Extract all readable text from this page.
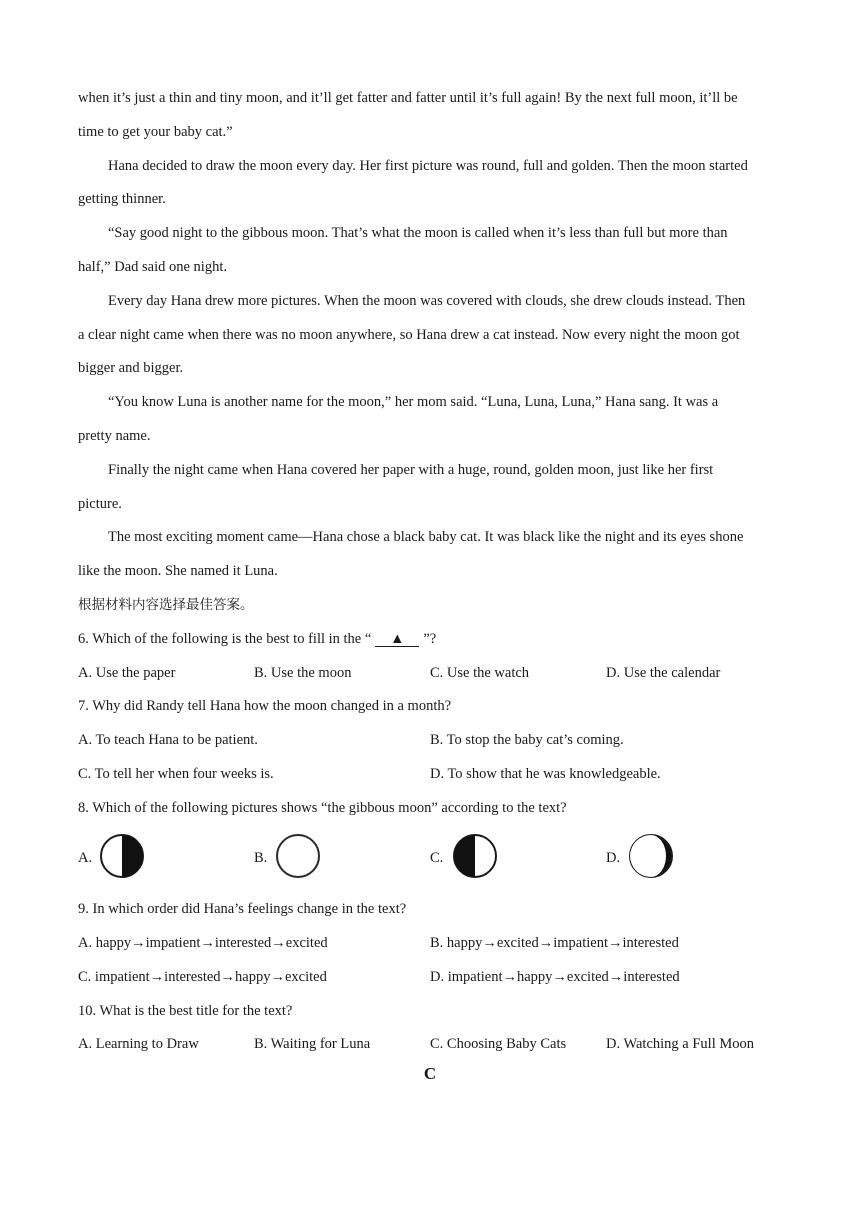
when it’s just a thin and tiny moon, and it’ll get fatter and fatter until it’s full again! By the next full moon, it’ll be
time to get your baby cat.”
Hana decided to draw the moon every day. Her first picture was round, full and golden. Then the moon started
getting thinner.
“Say good night to the gibbous moon. That’s what the moon is called when it’s less than full but more than
half,” Dad said one night.
Every day Hana drew more pictures. When the moon was covered with clouds, she drew clouds instead. Then
a clear night came when there was no moon anywhere, so Hana drew a cat instead. Now every night the moon got
bigger and bigger.
“You know Luna is another name for the moon,” her mom said. “Luna, Luna, Luna,” Hana sang. It was a
pretty name.
Finally the night came when Hana covered her paper with a huge, round, golden moon, just like her first
picture.
The most exciting moment came—Hana chose a black baby cat. It was black like the night and its eyes shone
like the moon. She named it Luna.
根据材料内容选择最佳答案。
6. Which of the following is the best to fill in the “ ▲ ”?
A. Use the paper	B. Use the moon	C. Use the watch	D. Use the calendar
7. Why did Randy tell Hana how the moon changed in a month?
A. To teach Hana to be patient.	B. To stop the baby cat’s coming.
C. To tell her when four weeks is.	D. To show that he was knowledgeable.
8. Which of the following pictures shows “the gibbous moon” according to the text?
A.	B.	C.	D.
9. In which order did Hana’s feelings change in the text?
A. happy→impatient→interested→excited	B. happy→excited→impatient→interested
C. impatient→interested→happy→excited	D. impatient→happy→excited→interested
10. What is the best title for the text?
A. Learning to Draw	B. Waiting for Luna	C. Choosing Baby Cats	D. Watching a Full Moon
C
